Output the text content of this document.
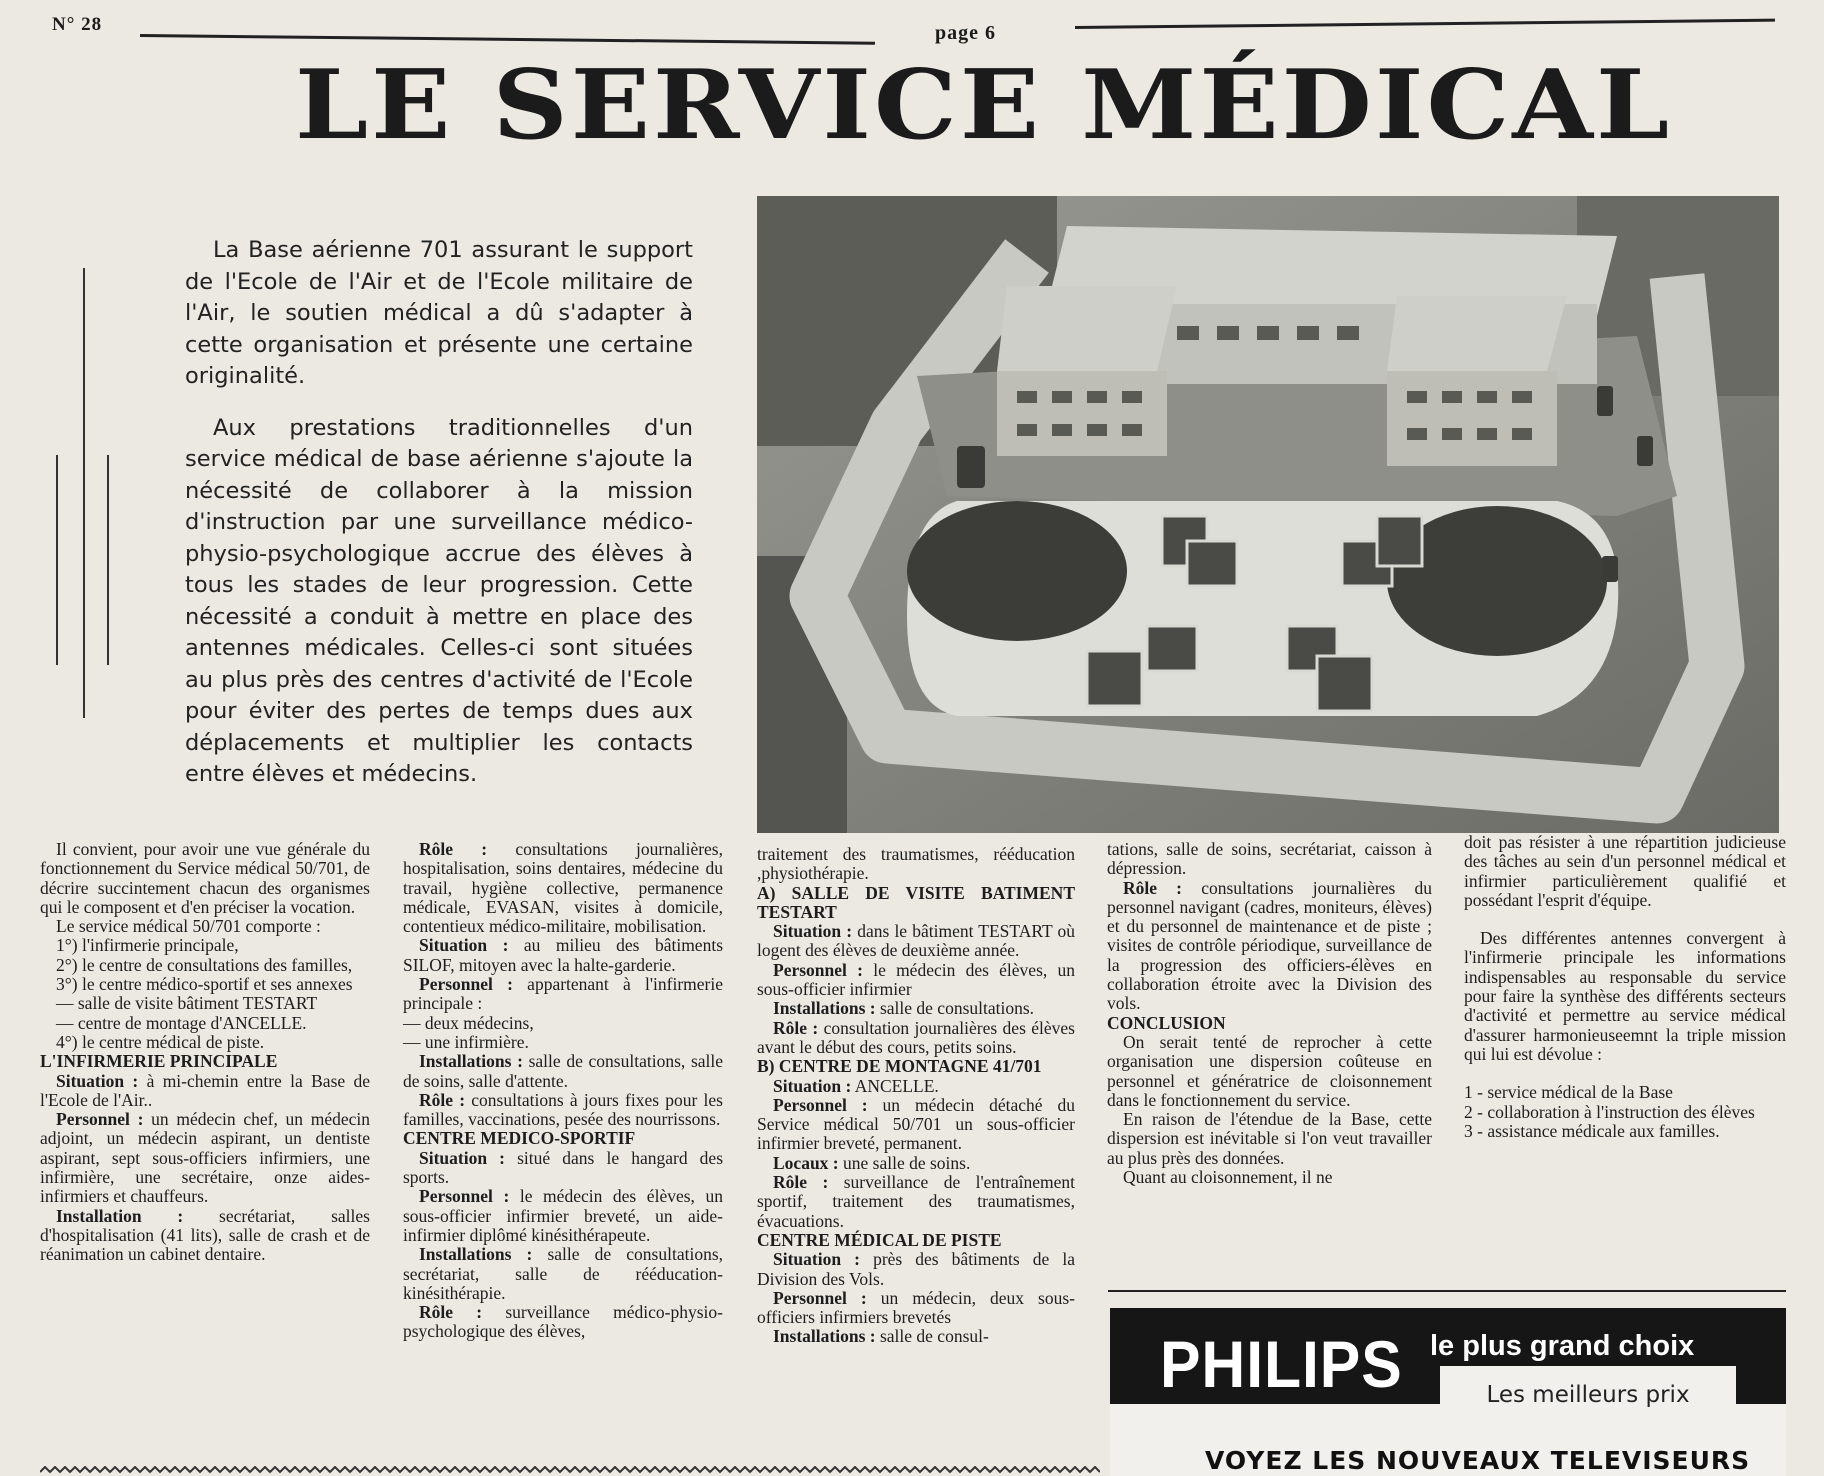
N° 28	page 6
LE SERVICE MÉDICAL

La Base aérienne 701 assurant le support de l'Ecole de l'Air et de l'Ecole militaire de l'Air, le soutien médical a dû s'adapter à cette organisation et présente une certaine originalité.

Aux prestations traditionnelles d'un service médical de base aérienne s'ajoute la nécessité de collaborer à la mission d'instruction par une surveillance médico-physio-psychologique accrue des élèves à tous les stades de leur progression. Cette nécessité a conduit à mettre en place des antennes médicales. Celles-ci sont situées au plus près des centres d'activité de l'Ecole pour éviter des pertes de temps dues aux déplacements et multiplier les contacts entre élèves et médecins.

Il convient, pour avoir une vue générale du fonctionnement du Service médical 50/701, de décrire succintement chacun des organismes qui le composent et d'en préciser la vocation.

Le service médical 50/701 comporte :

1°) l'infirmerie principale,

2°) le centre de consultations des familles,

3°) le centre médico-sportif et ses annexes

— salle de visite bâtiment TESTART

— centre de montage d'ANCELLE.

4°) le centre médical de piste.

L'INFIRMERIE PRINCIPALE

Situation : à mi-chemin entre la Base de l'Ecole de l'Air..

Personnel : un médecin chef, un médecin adjoint, un médecin aspirant, un dentiste aspirant, sept sous-officiers infirmiers, une infirmière, une secrétaire, onze aides-infirmiers et chauffeurs.

Installation : secrétariat, salles d'hospitalisation (41 lits), salle de crash et de réanimation un cabinet dentaire.

Rôle : consultations journalières, hospitalisation, soins dentaires, médecine du travail, hygiène collective, permanence médicale, EVASAN, visites à domicile, contentieux médico-militaire, mobilisation.

Situation : au milieu des bâtiments SILOF, mitoyen avec la halte-garderie.

Personnel : appartenant à l'infirmerie principale :

— deux médecins,

— une infirmière.

Installations : salle de consultations, salle de soins, salle d'attente.

Rôle : consultations à jours fixes pour les familles, vaccinations, pesée des nourrissons.

CENTRE MEDICO-SPORTIF

Situation : situé dans le hangard des sports.

Personnel : le médecin des élèves, un sous-officier infirmier breveté, un aide-infirmier diplômé kinésithérapeute.

Installations : salle de consultations, secrétariat, salle de rééducation-kinésithérapie.

Rôle : surveillance médico-physio-psychologique des élèves,

traitement des traumatismes, rééducation ,physiothérapie.

A) SALLE DE VISITE BATIMENT TESTART

Situation : dans le bâtiment TESTART où logent des élèves de deuxième année.

Personnel : le médecin des élèves, un sous-officier infirmier

Installations : salle de consultations.

Rôle : consultation journalières des élèves avant le début des cours, petits soins.

B) CENTRE DE MONTAGNE 41/701

Situation : ANCELLE.

Personnel : un médecin détaché du Service médical 50/701 un sous-officier infirmier breveté, permanent.

Locaux : une salle de soins.

Rôle : surveillance de l'entraînement sportif, traitement des traumatismes, évacuations.

CENTRE MÉDICAL DE PISTE

Situation : près des bâtiments de la Division des Vols.

Personnel : un médecin, deux sous-officiers infirmiers brevetés

Installations : salle de consul-

tations, salle de soins, secrétariat, caisson à dépression.

Rôle : consultations journalières du personnel navigant (cadres, moniteurs, élèves) et du personnel de maintenance et de piste ; visites de contrôle périodique, surveillance de la progression des officiers-élèves en collaboration étroite avec la Division des vols.

CONCLUSION

On serait tenté de reprocher à cette organisation une dispersion coûteuse en personnel et génératrice de cloisonnement dans le fonctionnement du service.

En raison de l'étendue de la Base, cette dispersion est inévitable si l'on veut travailler au plus près des données.

Quant au cloisonnement, il ne

doit pas résister à une répartition judicieuse des tâches au sein d'un personnel médical et infirmier particulièrement qualifié et possédant l'esprit d'équipe.

Des différentes antennes convergent à l'infirmerie principale les informations indispensables au responsable du service pour faire la synthèse des différents secteurs d'activité et permettre au service médical d'assurer harmonieuseemnt la triple mission qui lui est dévolue :

1 - service médical de la Base

2 - collaboration à l'instruction des élèves

3 - assistance médicale aux familles.

PHILIPS le plus grand choix
Les meilleurs prix
VOYEZ LES NOUVEAUX TELEVISEURS
